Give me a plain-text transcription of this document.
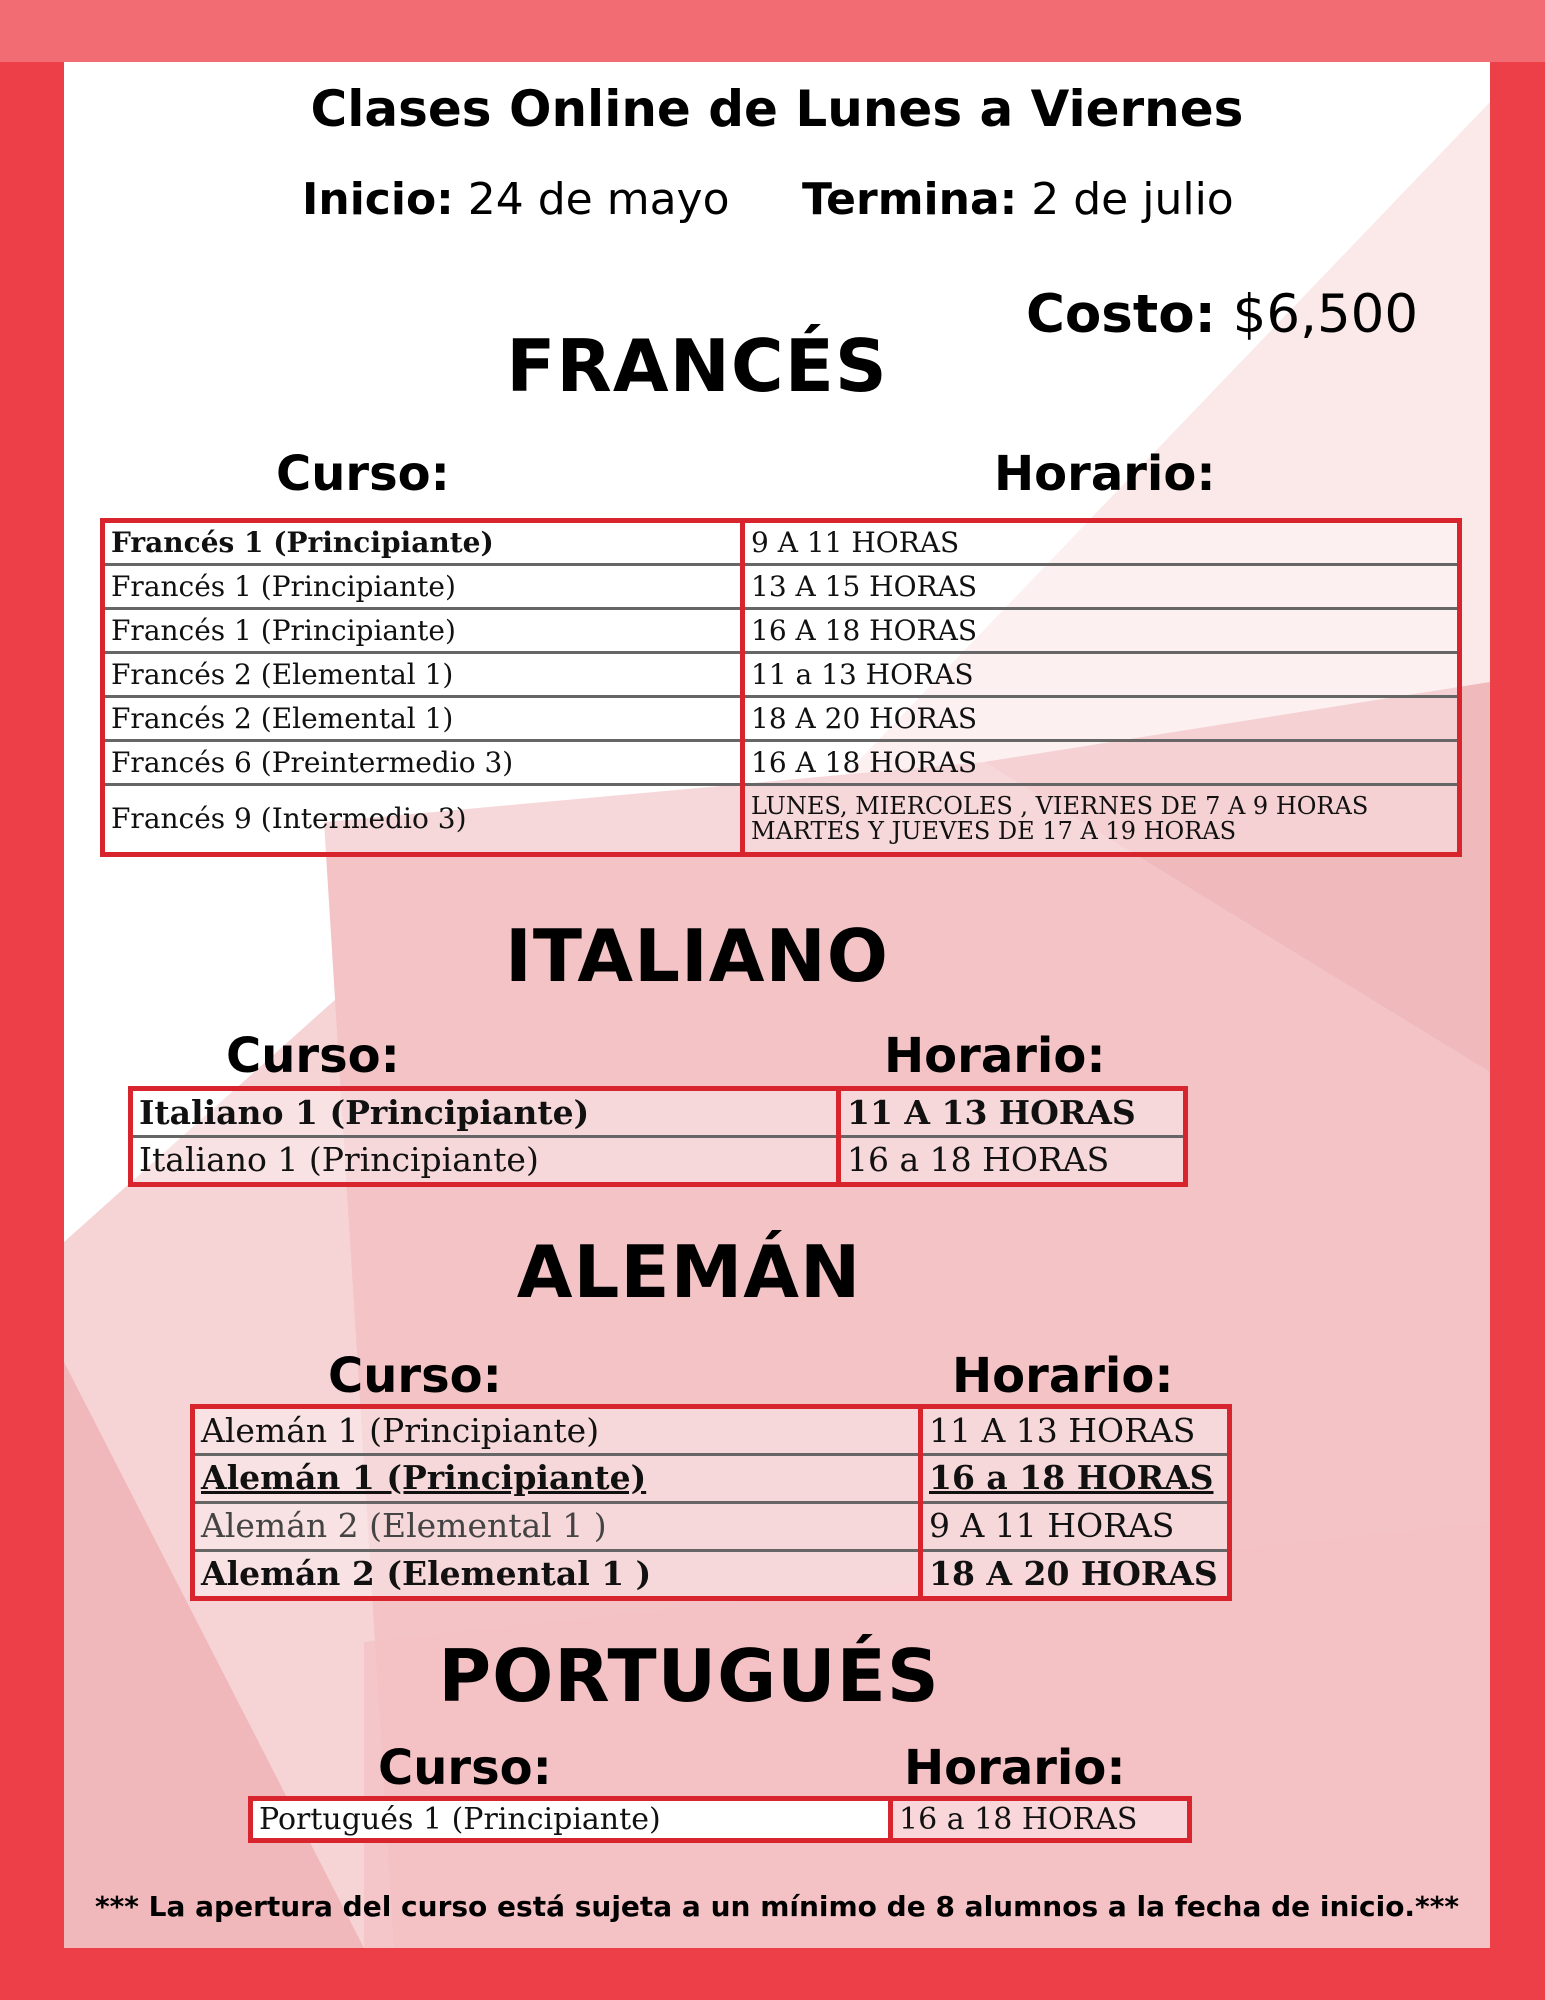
Clases Online de Lunes a Viernes
Inicio: 24 de mayo Termina: 2 de julio
Costo: $6,500
FRANCÉS
Curso:	Horario:
Francés 1 (Principiante)	9 A 11 HORAS
Francés 1 (Principiante)	13 A 15 HORAS
Francés 1 (Principiante)	16 A 18 HORAS
Francés 2 (Elemental 1)	11 a 13 HORAS
Francés 2 (Elemental 1)	18 A 20 HORAS
Francés 6 (Preintermedio 3)	16 A 18 HORAS
Francés 9 (Intermedio 3)	LUNES, MIERCOLES , VIERNES DE 7 A 9 HORAS
MARTES Y JUEVES DE 17 A 19 HORAS
ITALIANO
Curso:	Horario:
Italiano 1 (Principiante)	11 A 13 HORAS
Italiano 1 (Principiante)	16 a 18 HORAS
ALEMÁN
Curso:	Horario:
Alemán 1 (Principiante)	11 A 13 HORAS
Alemán 1 (Principiante)	16 a 18 HORAS
Alemán 2 (Elemental 1 )	9 A 11 HORAS
Alemán 2 (Elemental 1 )	18 A 20 HORAS
PORTUGUÉS
Curso:	Horario:
Portugués 1 (Principiante)	16 a 18 HORAS
*** La apertura del curso está sujeta a un mínimo de 8 alumnos a la fecha de inicio.***
